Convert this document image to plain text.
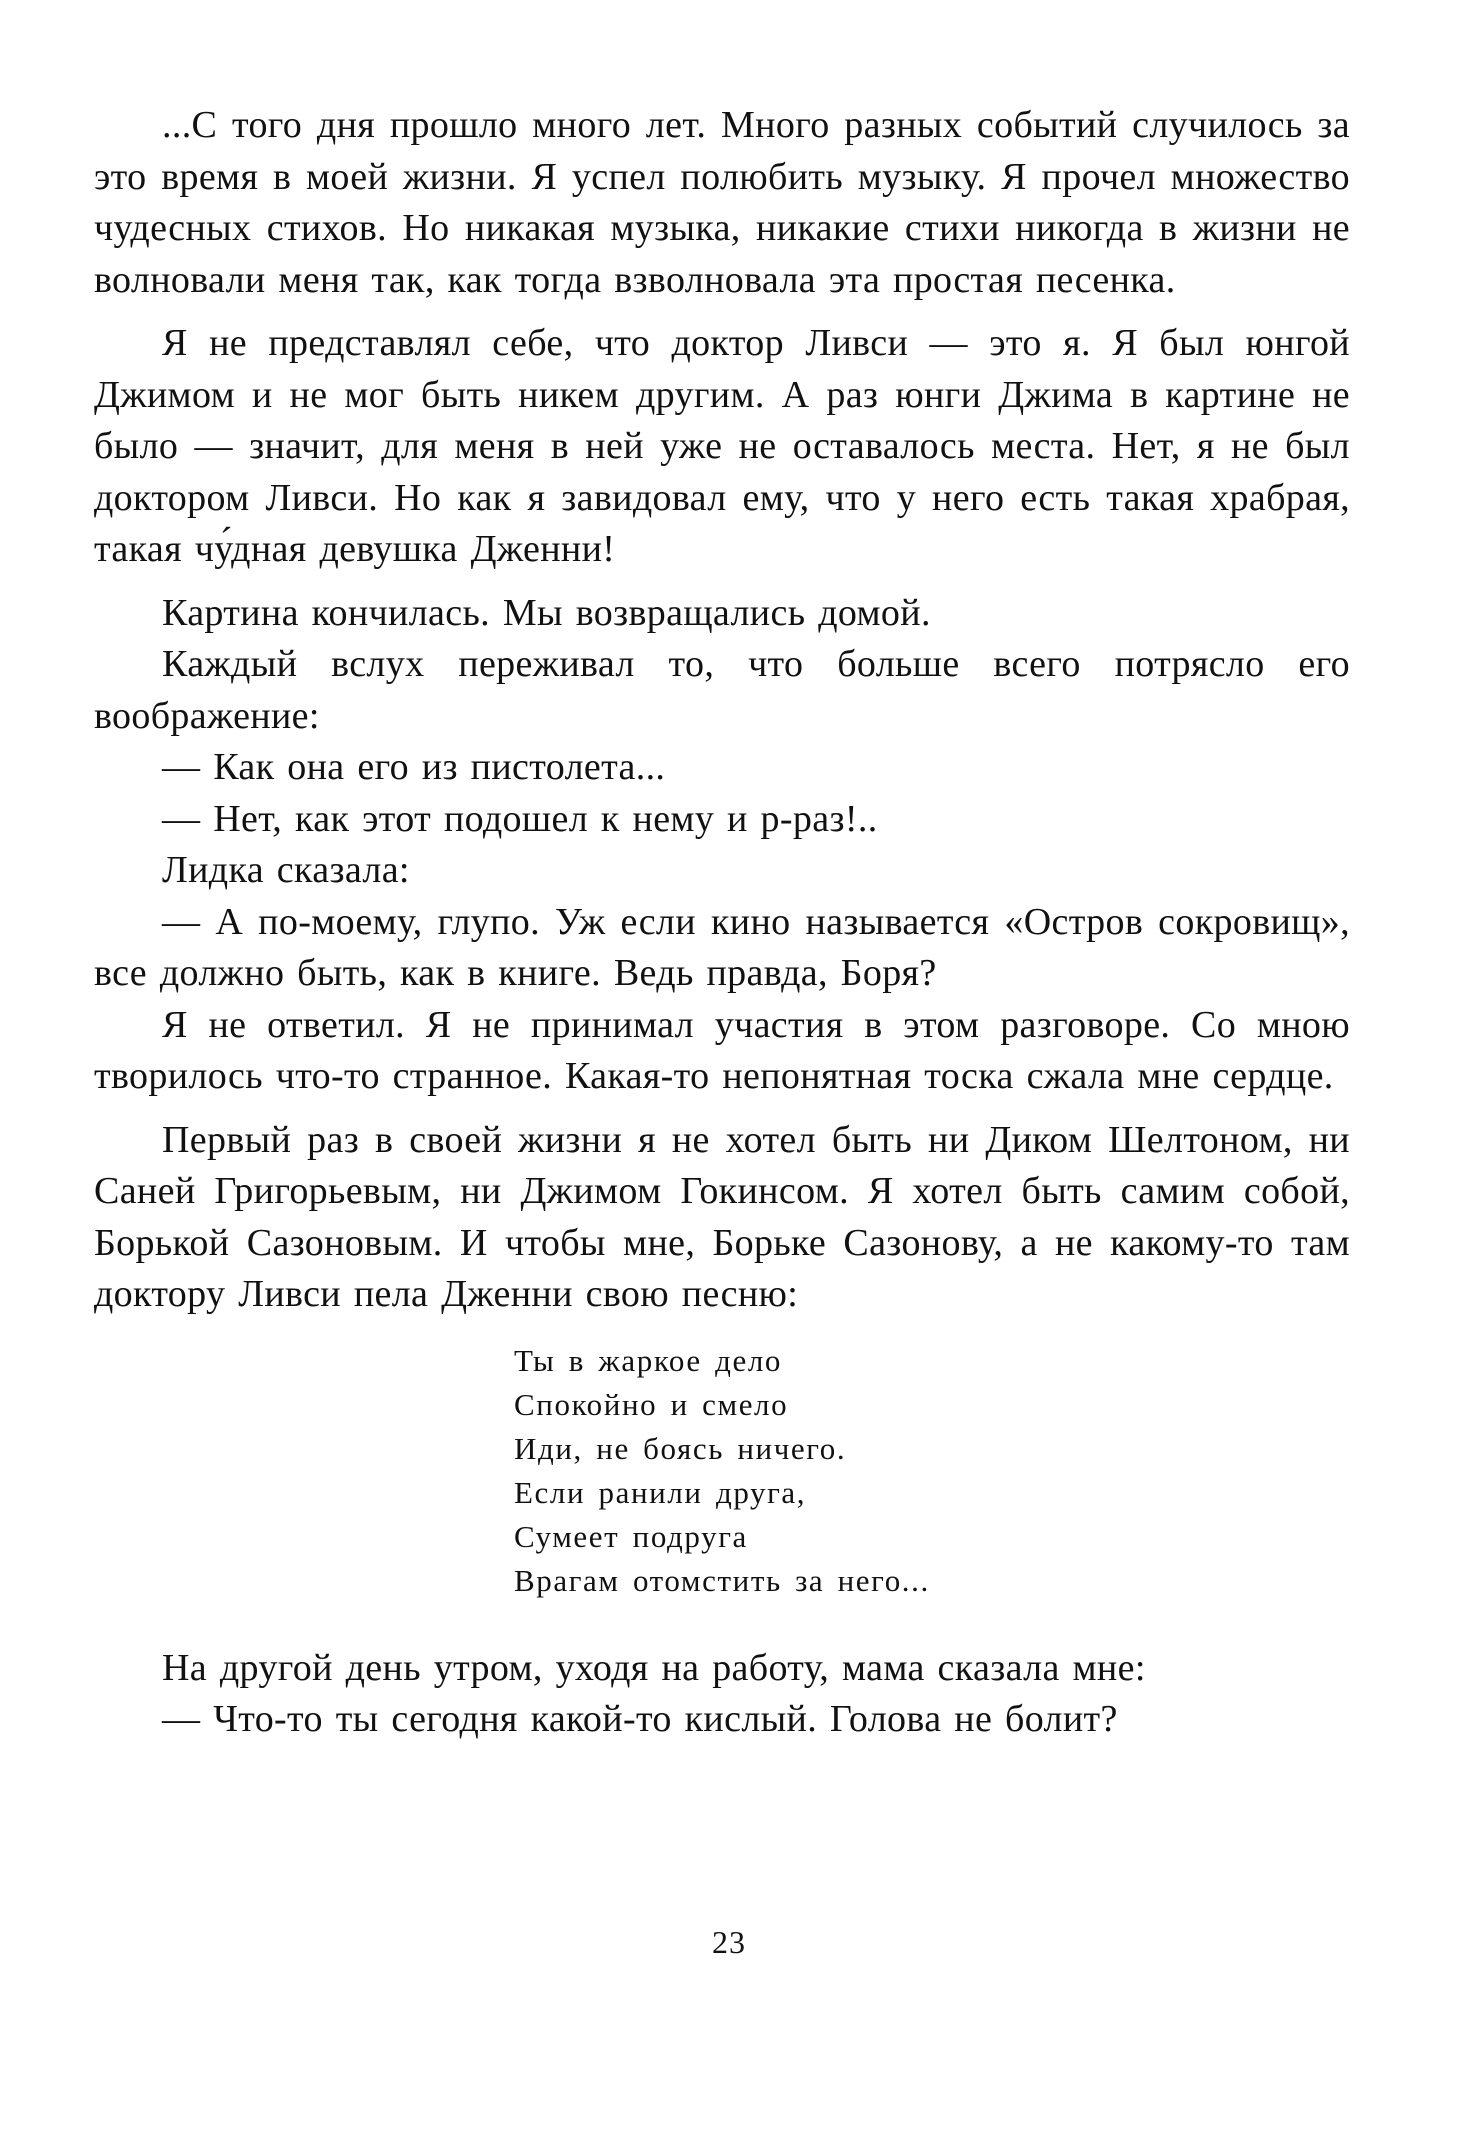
...С того дня прошло много лет. Много разных событий случилось за это время в моей жизни. Я успел полюбить музыку. Я прочел множество чудесных стихов. Но никакая музыка, никакие стихи никогда в жизни не волновали меня так, как тогда взволновала эта простая песенка.

Я не представлял себе, что доктор Ливси — это я. Я был юнгой Джимом и не мог быть никем другим. А раз юнги Джима в картине не было — значит, для меня в ней уже не оставалось места. Нет, я не был доктором Ливси. Но как я завидовал ему, что у него есть такая храбрая, такая чу́дная девушка Дженни!

Картина кончилась. Мы возвращались домой.

Каждый вслух переживал то, что больше всего потрясло его воображение:

— Как она его из пистолета...

— Нет, как этот подошел к нему и р-раз!..

Лидка сказала:

— А по-моему, глупо. Уж если кино называется «Остров сокровищ», все должно быть, как в книге. Ведь правда, Боря?

Я не ответил. Я не принимал участия в этом разговоре. Со мною творилось что-то странное. Какая-то непонятная тоска сжала мне сердце.

Первый раз в своей жизни я не хотел быть ни Диком Шелтоном, ни Саней Григорьевым, ни Джимом Гокинсом. Я хотел быть самим собой, Борькой Сазоновым. И чтобы мне, Борьке Сазонову, а не какому-то там доктору Ливси пела Дженни свою песню:

Ты в жаркое дело
Спокойно и смело
Иди, не боясь ничего.
Если ранили друга,
Сумеет подруга
Врагам отомстить за него...

На другой день утром, уходя на работу, мама сказала мне:

— Что-то ты сегодня какой-то кислый. Голова не болит?

23
